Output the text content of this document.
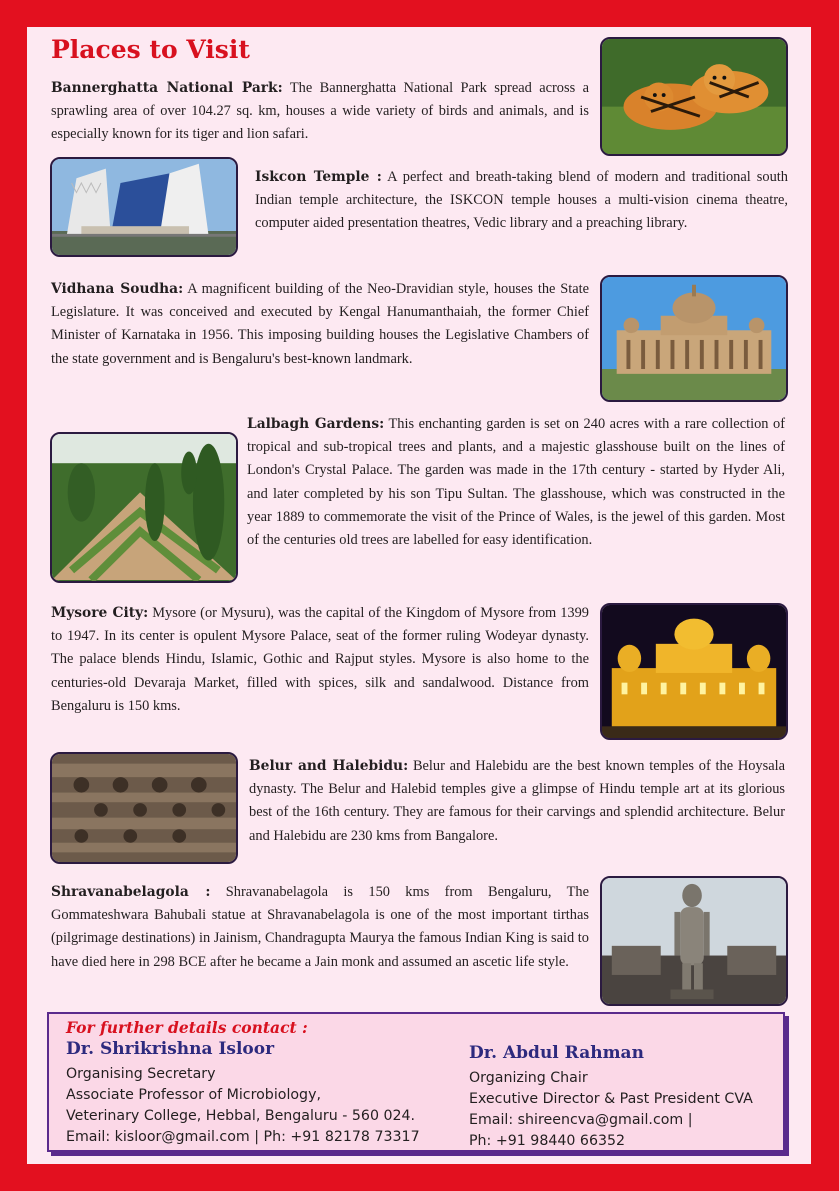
Places to Visit
Bannerghatta National Park: The Bannerghatta National Park spread across a sprawling area of over 104.27 sq. km, houses a wide variety of birds and animals, and is especially known for its tiger and lion safari.
Iskcon Temple : A perfect and breath-taking blend of modern and traditional south Indian temple architecture, the ISKCON temple houses a multi-vision cinema theatre, computer aided presentation theatres, Vedic library and a preaching library.
Vidhana Soudha: A magnificent building of the Neo-Dravidian style, houses the State Legislature. It was conceived and executed by Kengal Hanumanthaiah, the former Chief Minister of Karnataka in 1956. This imposing building houses the Legislative Chambers of the state government and is Bengaluru's best-known landmark.
Lalbagh Gardens: This enchanting garden is set on 240 acres with a rare collection of tropical and sub-tropical trees and plants, and a majestic glasshouse built on the lines of London's Crystal Palace. The garden was made in the 17th century - started by Hyder Ali, and later completed by his son Tipu Sultan. The glasshouse, which was constructed in the year 1889 to commemorate the visit of the Prince of Wales, is the jewel of this garden. Most of the centuries old trees are labelled for easy identification.
Mysore City: Mysore (or Mysuru), was the capital of the Kingdom of Mysore from 1399 to 1947. In its center is opulent Mysore Palace, seat of the former ruling Wodeyar dynasty. The palace blends Hindu, Islamic, Gothic and Rajput styles. Mysore is also home to the centuries-old Devaraja Market, filled with spices, silk and sandalwood. Distance from Bengaluru is 150 kms.
Belur and Halebidu: Belur and Halebidu are the best known temples of the Hoysala dynasty. The Belur and Halebid temples give a glimpse of Hindu temple art at its glorious best of the 16th century. They are famous for their carvings and splendid architecture. Belur and Halebidu are 230 kms from Bangalore.
Shravanabelagola : Shravanabelagola is 150 kms from Bengaluru, The Gommateshwara Bahubali statue at Shravanabelagola is one of the most important tirthas (pilgrimage destinations) in Jainism, Chandragupta Maurya the famous Indian King is said to have died here in 298 BCE after he became a Jain monk and assumed an ascetic life style.
For further details contact :
Dr. Shrikrishna Isloor
Organising Secretary
Associate Professor of Microbiology,
Veterinary College, Hebbal, Bengaluru - 560 024.
Email: kisloor@gmail.com | Ph: +91 82178 73317
Dr. Abdul Rahman
Organizing Chair
Executive Director & Past President CVA
Email: shireencva@gmail.com |
Ph: +91 98440 66352
